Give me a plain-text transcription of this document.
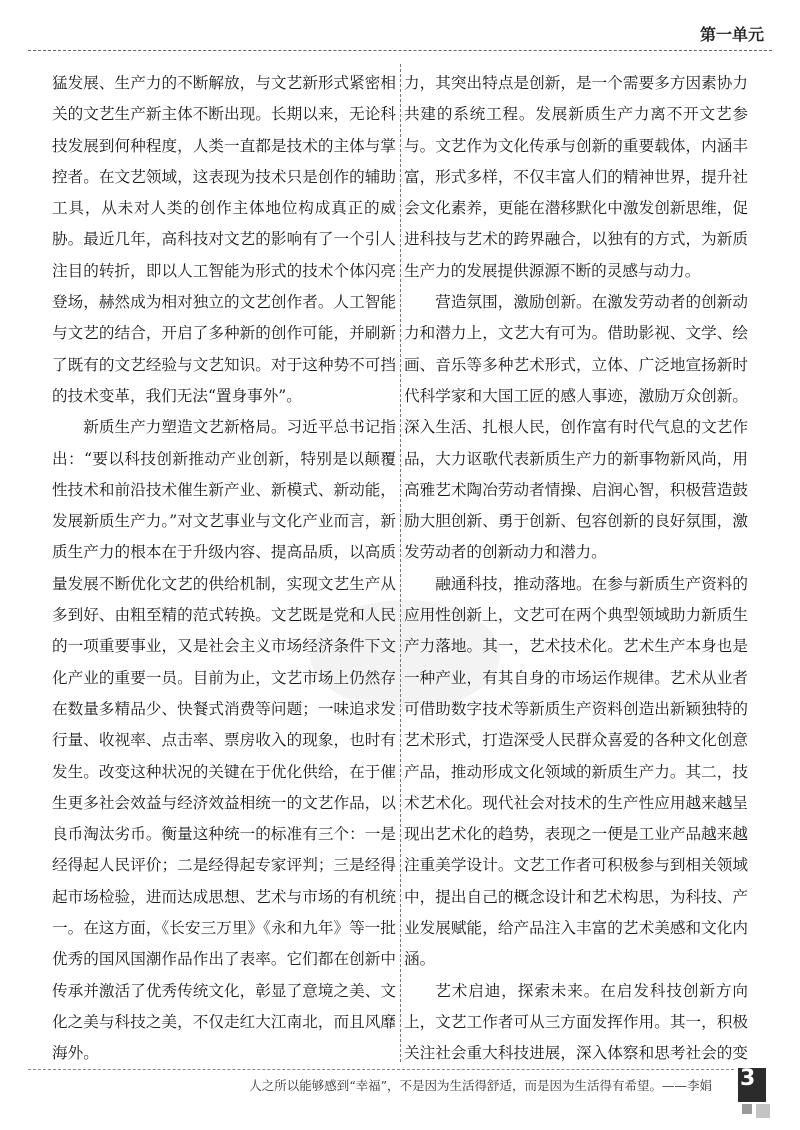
第一单元

猛发展、生产力的不断解放，与文艺新形式紧密相关的文艺生产新主体不断出现。长期以来，无论科技发展到何种程度，人类一直都是技术的主体与掌控者。在文艺领域，这表现为技术只是创作的辅助工具，从未对人类的创作主体地位构成真正的威胁。最近几年，高科技对文艺的影响有了一个引人注目的转折，即以人工智能为形式的技术个体闪亮登场，赫然成为相对独立的文艺创作者。人工智能与文艺的结合，开启了多种新的创作可能，并刷新了既有的文艺经验与文艺知识。对于这种势不可挡的技术变革，我们无法“置身事外”。

新质生产力塑造文艺新格局。习近平总书记指出：“要以科技创新推动产业创新，特别是以颠覆性技术和前沿技术催生新产业、新模式、新动能，发展新质生产力。”对文艺事业与文化产业而言，新质生产力的根本在于升级内容、提高品质，以高质量发展不断优化文艺的供给机制，实现文艺生产从多到好、由粗至精的范式转换。文艺既是党和人民的一项重要事业，又是社会主义市场经济条件下文化产业的重要一员。目前为止，文艺市场上仍然存在数量多精品少、快餐式消费等问题；一味追求发行量、收视率、点击率、票房收入的现象，也时有发生。改变这种状况的关键在于优化供给，在于催生更多社会效益与经济效益相统一的文艺作品，以良币淘汰劣币。衡量这种统一的标准有三个：一是经得起人民评价；二是经得起专家评判；三是经得起市场检验，进而达成思想、艺术与市场的有机统一。在这方面，《长安三万里》《永和九年》等一批优秀的国风国潮作品作出了表率。它们都在创新中传承并激活了优秀传统文化，彰显了意境之美、文化之美与科技之美，不仅走红大江南北，而且风靡海外。

力，其突出特点是创新，是一个需要多方因素协力共建的系统工程。发展新质生产力离不开文艺参与。文艺作为文化传承与创新的重要载体，内涵丰富，形式多样，不仅丰富人们的精神世界，提升社会文化素养，更能在潜移默化中激发创新思维，促进科技与艺术的跨界融合，以独有的方式，为新质生产力的发展提供源源不断的灵感与动力。

营造氛围，激励创新。在激发劳动者的创新动力和潜力上，文艺大有可为。借助影视、文学、绘画、音乐等多种艺术形式，立体、广泛地宣扬新时代科学家和大国工匠的感人事迹，激励万众创新。深入生活、扎根人民，创作富有时代气息的文艺作品，大力讴歌代表新质生产力的新事物新风尚，用高雅艺术陶冶劳动者情操、启润心智，积极营造鼓励大胆创新、勇于创新、包容创新的良好氛围，激发劳动者的创新动力和潜力。

融通科技，推动落地。在参与新质生产资料的应用性创新上，文艺可在两个典型领域助力新质生产力落地。其一，艺术技术化。艺术生产本身也是一种产业，有其自身的市场运作规律。艺术从业者可借助数字技术等新质生产资料创造出新颖独特的艺术形式，打造深受人民群众喜爱的各种文化创意产品，推动形成文化领域的新质生产力。其二，技术艺术化。现代社会对技术的生产性应用越来越呈现出艺术化的趋势，表现之一便是工业产品越来越注重美学设计。文艺工作者可积极参与到相关领域中，提出自己的概念设计和艺术构思，为科技、产业发展赋能，给产品注入丰富的艺术美感和文化内涵。

艺术启迪，探索未来。在启发科技创新方向上，文艺工作者可从三方面发挥作用。其一，积极关注社会重大科技进展，深入体察和思考社会的变

人之所以能够感到“幸福”，不是因为生活得舒适，而是因为生活得有希望。——李娟 3
